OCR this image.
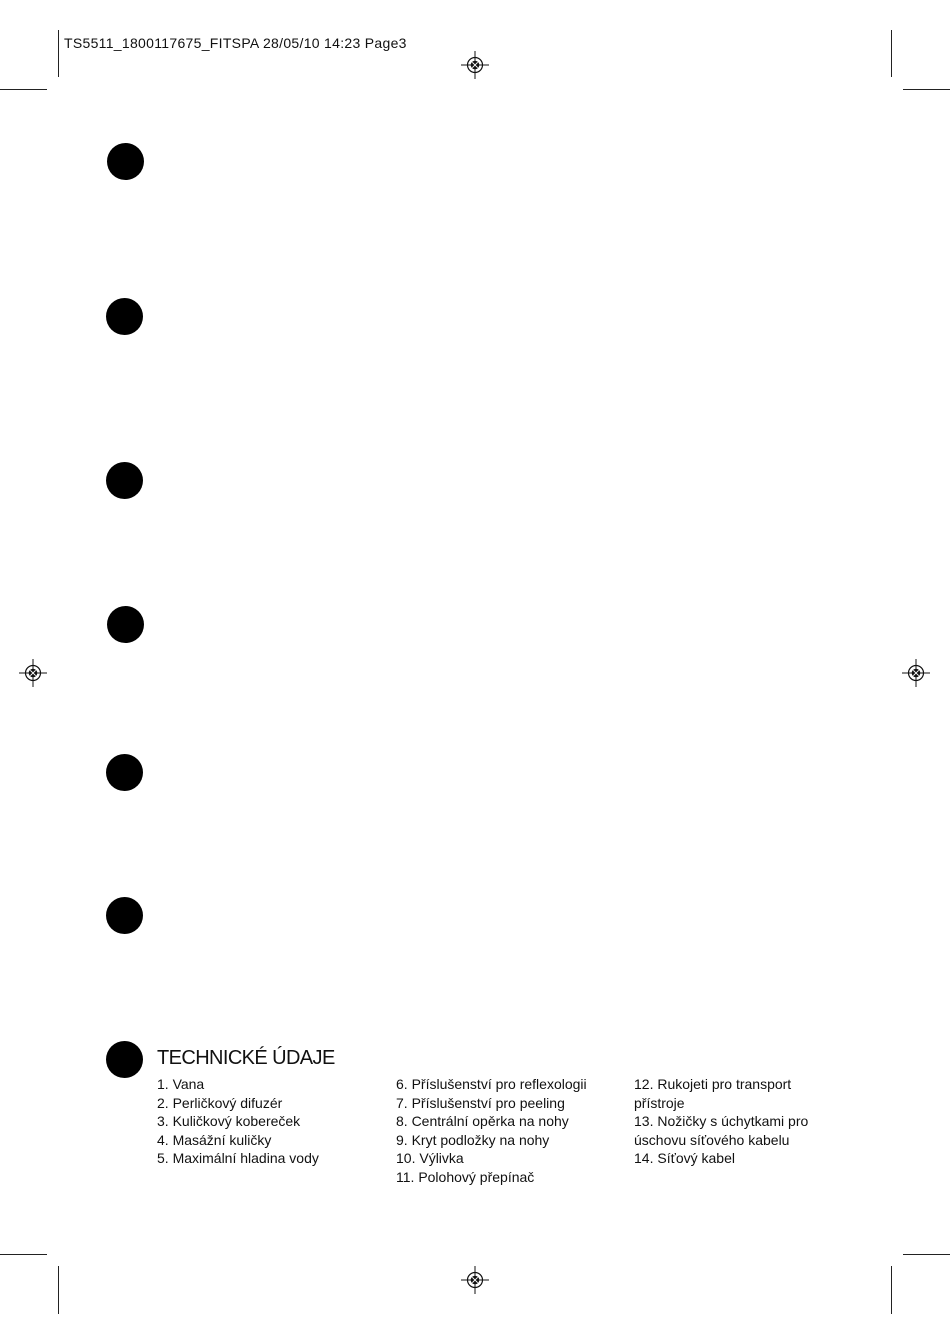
TS5511_1800117675_FITSPA 28/05/10 14:23 Page3
TECHNICKÉ ÚDAJE
1. Vana
2. Perličkový difuzér
3. Kuličkový kobereček
4. Masážní kuličky
5. Maximální hladina vody
6. Příslušenství pro reflexologii
7. Příslušenství pro peeling
8. Centrální opěrka na nohy
9. Kryt podložky na nohy
10. Výlivka
11. Polohový přepínač
12. Rukojeti pro transport
přístroje
13. Nožičky s úchytkami pro
úschovu síťového kabelu
14. Síťový kabel
